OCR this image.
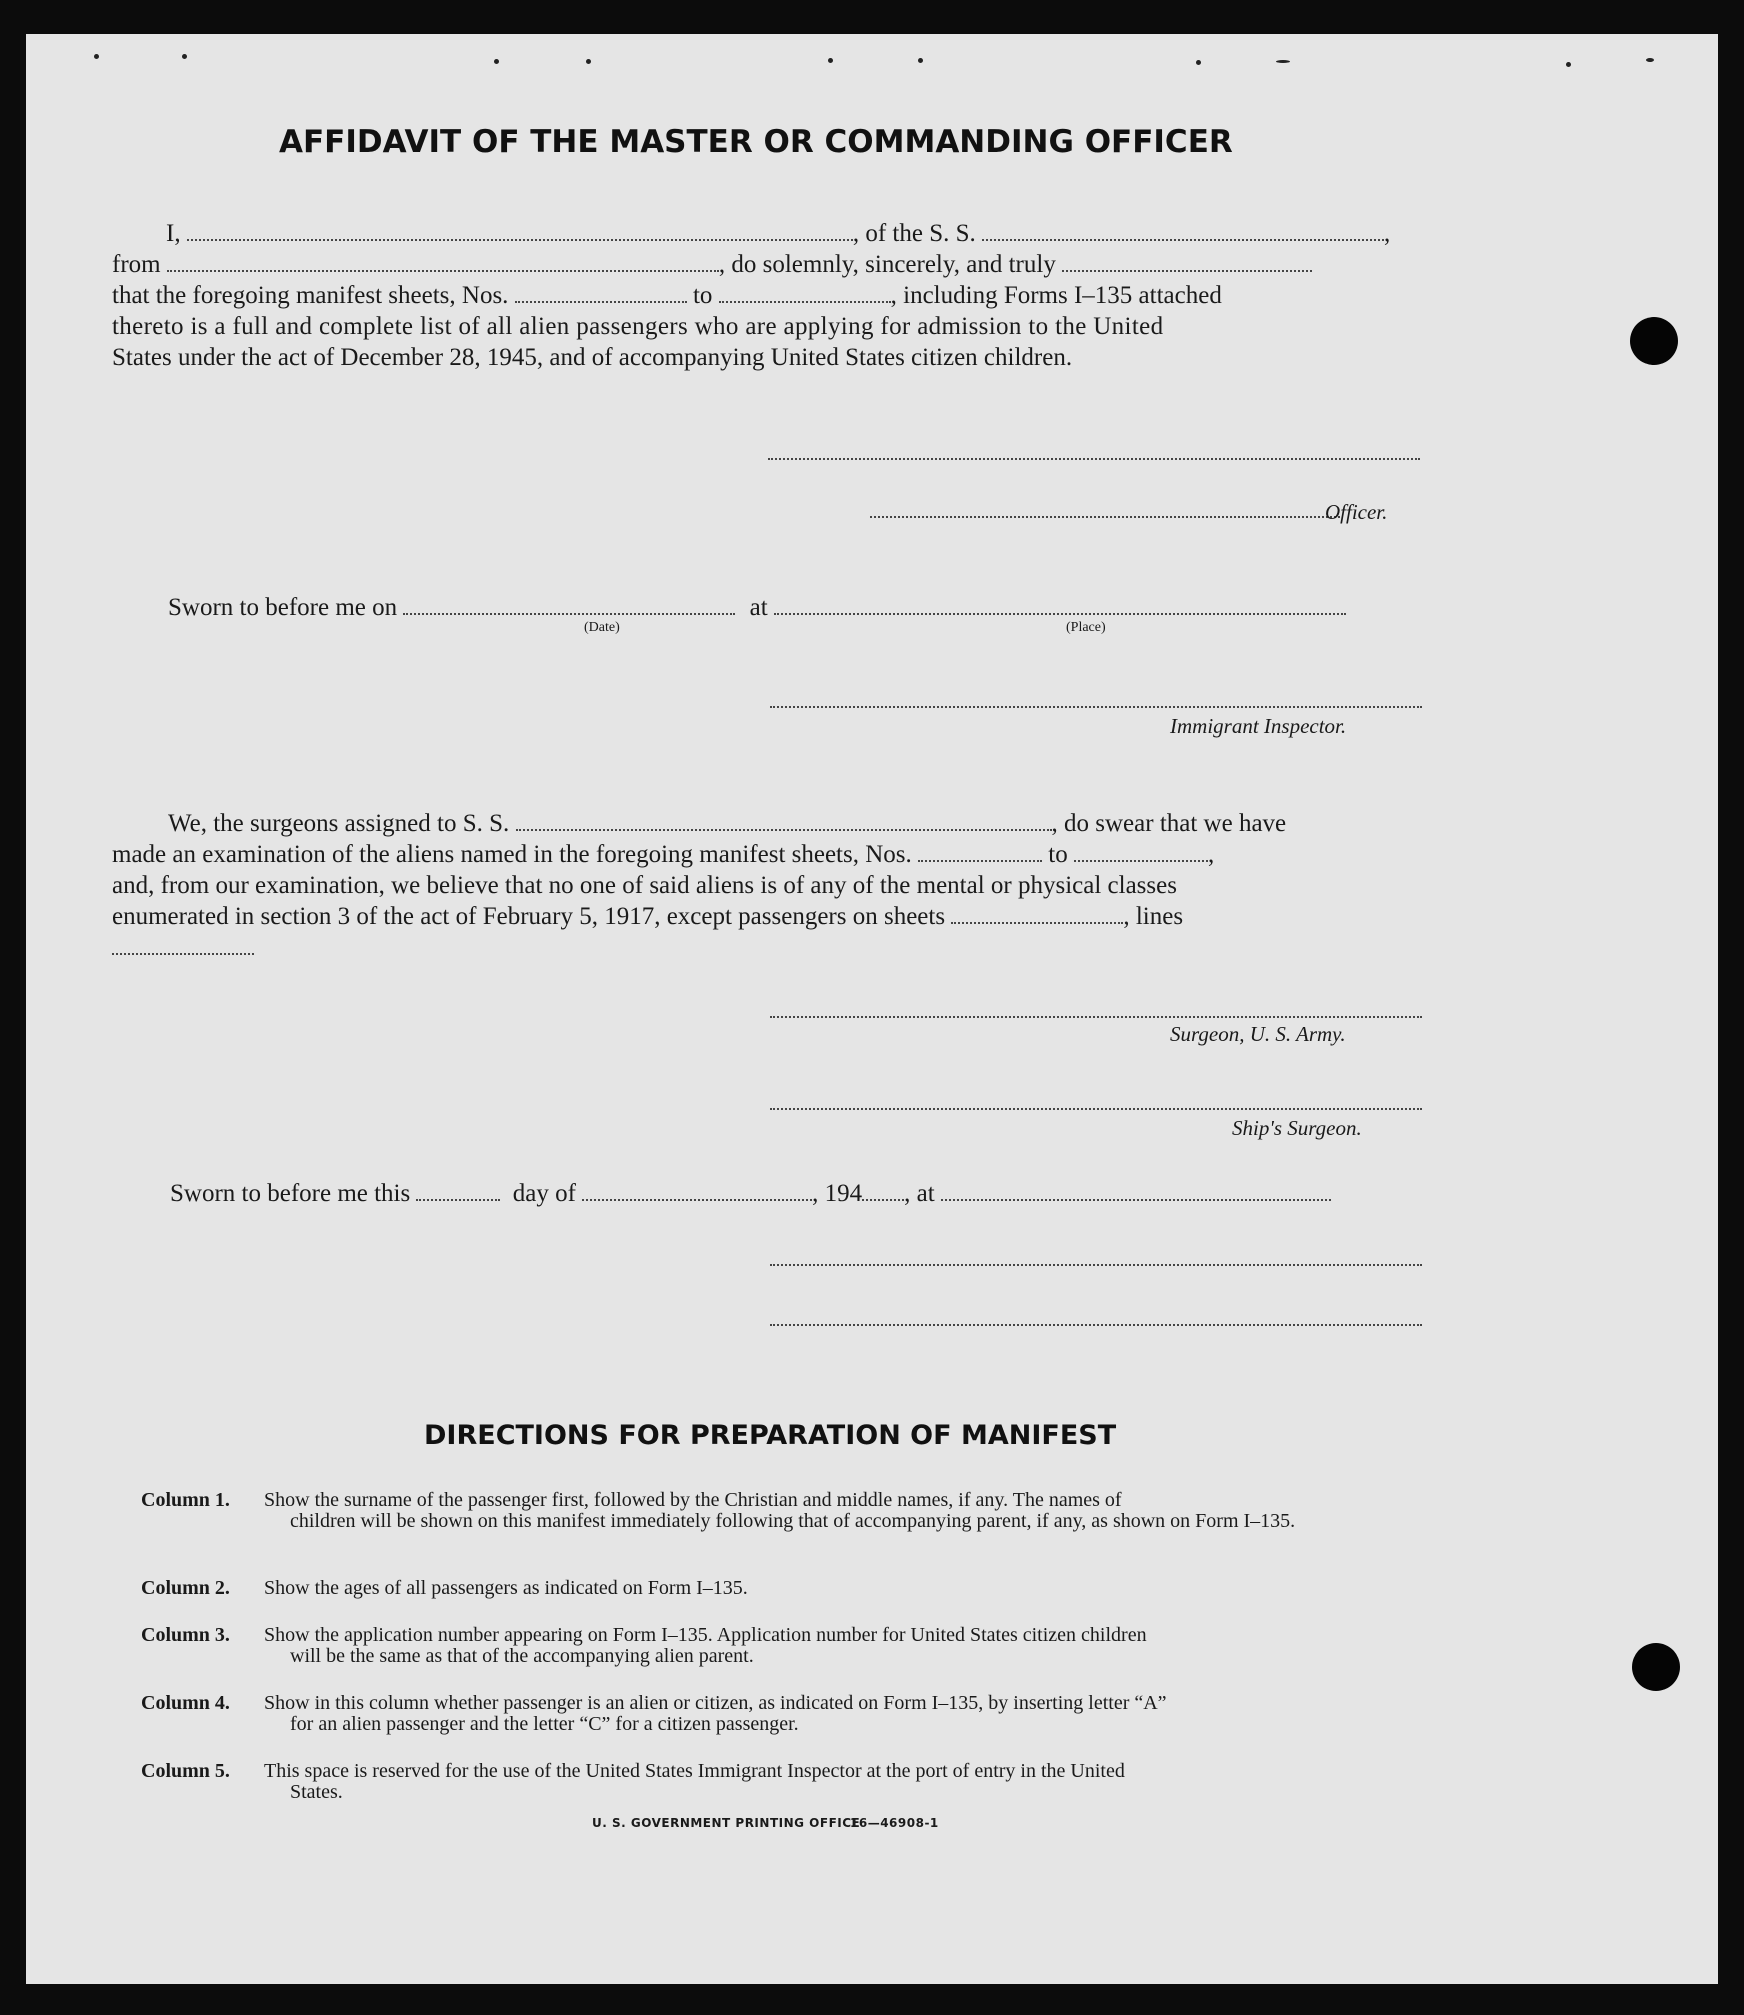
AFFIDAVIT OF THE MASTER OR COMMANDING OFFICER
I,	, of the S. S.	,
from	, do solemnly, sincerely, and truly
that the foregoing manifest sheets, Nos.	to	, including Forms I–135 attached
thereto is a full and complete list of all alien passengers who are applying for admission to the United
States under the act of December 28, 1945, and of accompanying United States citizen children.
Officer.
Sworn to before me on	at
(Date)	(Place)
Immigrant Inspector.
We, the surgeons assigned to S. S.	, do swear that we have
made an examination of the aliens named in the foregoing manifest sheets, Nos.	to	,
and, from our examination, we believe that no one of said aliens is of any of the mental or physical classes
enumerated in section 3 of the act of February 5, 1917, except passengers on sheets	, lines
Surgeon, U. S. Army.
Ship's Surgeon.
Sworn to before me this	day of	, 194 , at
DIRECTIONS FOR PREPARATION OF MANIFEST
Column 1. Show the surname of the passenger first, followed by the Christian and middle names, if any. The names of
children will be shown on this manifest immediately following that of accompanying parent, if any, as shown on Form I–135.
Column 2. Show the ages of all passengers as indicated on Form I–135.
Column 3. Show the application number appearing on Form I–135. Application number for United States citizen children
will be the same as that of the accompanying alien parent.
Column 4. Show in this column whether passenger is an alien or citizen, as indicated on Form I–135, by inserting letter “A”
for an alien passenger and the letter “C” for a citizen passenger.
Column 5. This space is reserved for the use of the United States Immigrant Inspector at the port of entry in the United
States.
U. S. GOVERNMENT PRINTING OFFICE
16—46908-1
